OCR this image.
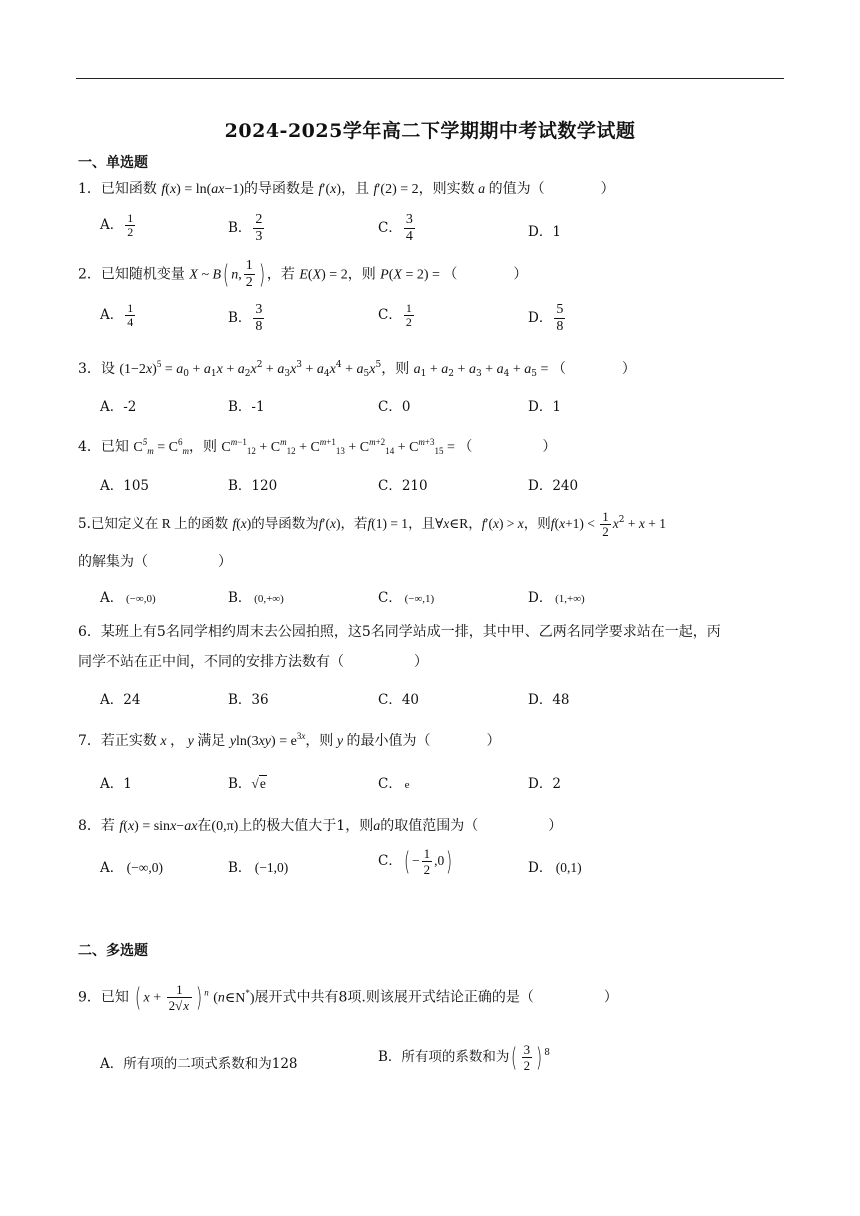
2024-2025学年高二下学期期中考试数学试题
一、单选题
1．已知函数 f(x) = ln(ax−1)的导函数是 f′(x)，且 f′(2) = 2，则实数 a 的值为（　　　　）
A． $\frac{1}{2}$	B． $\frac{2}{3}$	C． $\frac{3}{4}$	D．1
2．已知随机变量 X ~ B( n, $\frac{1}{2}$ ) ，若 E(X) = 2，则 P(X = 2) = （　　　　）
A． $\frac{1}{4}$	B． $\frac{3}{8}$	C． $\frac{1}{2}$	D． $\frac{5}{8}$
3．设 $(1-2x)^5 = a_0 + a_1x + a_2x^2 + a_3x^3 + a_4x^4 + a_5x^5$，则 $a_1 + a_2 + a_3 + a_4 + a_5$ = （　　　　）
A．-2	B．-1	C．0	D．1
4．已知 $C^5_m = C^6_m$，则 $C^{m-1}_{12} + C^m_{12} + C^{m+1}_{13} + C^{m+2}_{14} + C^{m+3}_{15}$ = （　　　　　）
A．105	B．120	C．210	D．240
5.已知定义在 R 上的函数 f(x)的导函数为f′(x)，若f(1) = 1，且∀x∈R，f′(x) > x，则$f(x+1) < \frac{1}{2} x^2 + x + 1$
的解集为（　　　　　）
A． (−∞,0)	B． (0,+∞)	C． (−∞,1)	D． (1,+∞)
6．某班上有5名同学相约周末去公园拍照，这5名同学站成一排，其中甲、乙两名同学要求站在一起，丙
同学不站在正中间，不同的安排方法数有（　　　　　）
A．24	B．36	C．40	D．48
7．若正实数 x ， y 满足 $yln(3xy) = e^{3x}$，则 y 的最小值为（　　　　）
A．1	B．√e	C． e	D．2
8．若 f(x) = sinx−ax在(0,π)上的极大值大于1，则a的取值范围为（　　　　　）
A． (−∞,0)	B． (−1,0)	C．( − $\frac{1}{2} ,0$)	D． (0,1)
二、多选题
9．已知 ( $x + \frac{1}{2√x}$ ) $^n$ (n∈N*)展开式中共有8项.则该展开式结论正确的是（　　　　　）
A．所有项的二项式系数和为128	B．所有项的系数和为( $\frac{3}{2}$ ) $^8$
